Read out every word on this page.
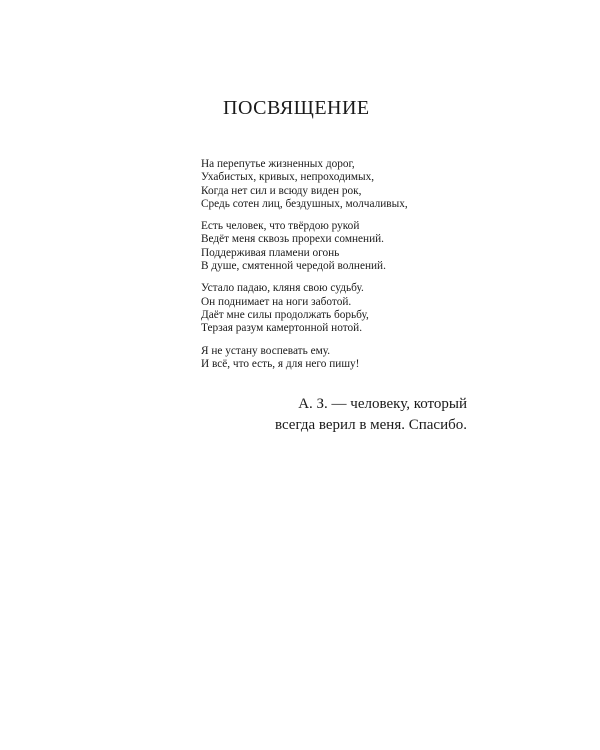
ПОСВЯЩЕНИЕ
На перепутье жизненных дорог,
Ухабистых, кривых, непроходимых,
Когда нет сил и всюду виден рок,
Средь сотен лиц, бездушных, молчаливых,
Есть человек, что твёрдою рукой
Ведёт меня сквозь прорехи сомнений.
Поддерживая пламени огонь
В душе, смятенной чередой волнений.
Устало падаю, кляня свою судьбу.
Он поднимает на ноги заботой.
Даёт мне силы продолжать борьбу,
Терзая разум камертонной нотой.
Я не устану воспевать ему.
И всё, что есть, я для него пишу!
А. З. — человеку, который
всегда верил в меня. Спасибо.
